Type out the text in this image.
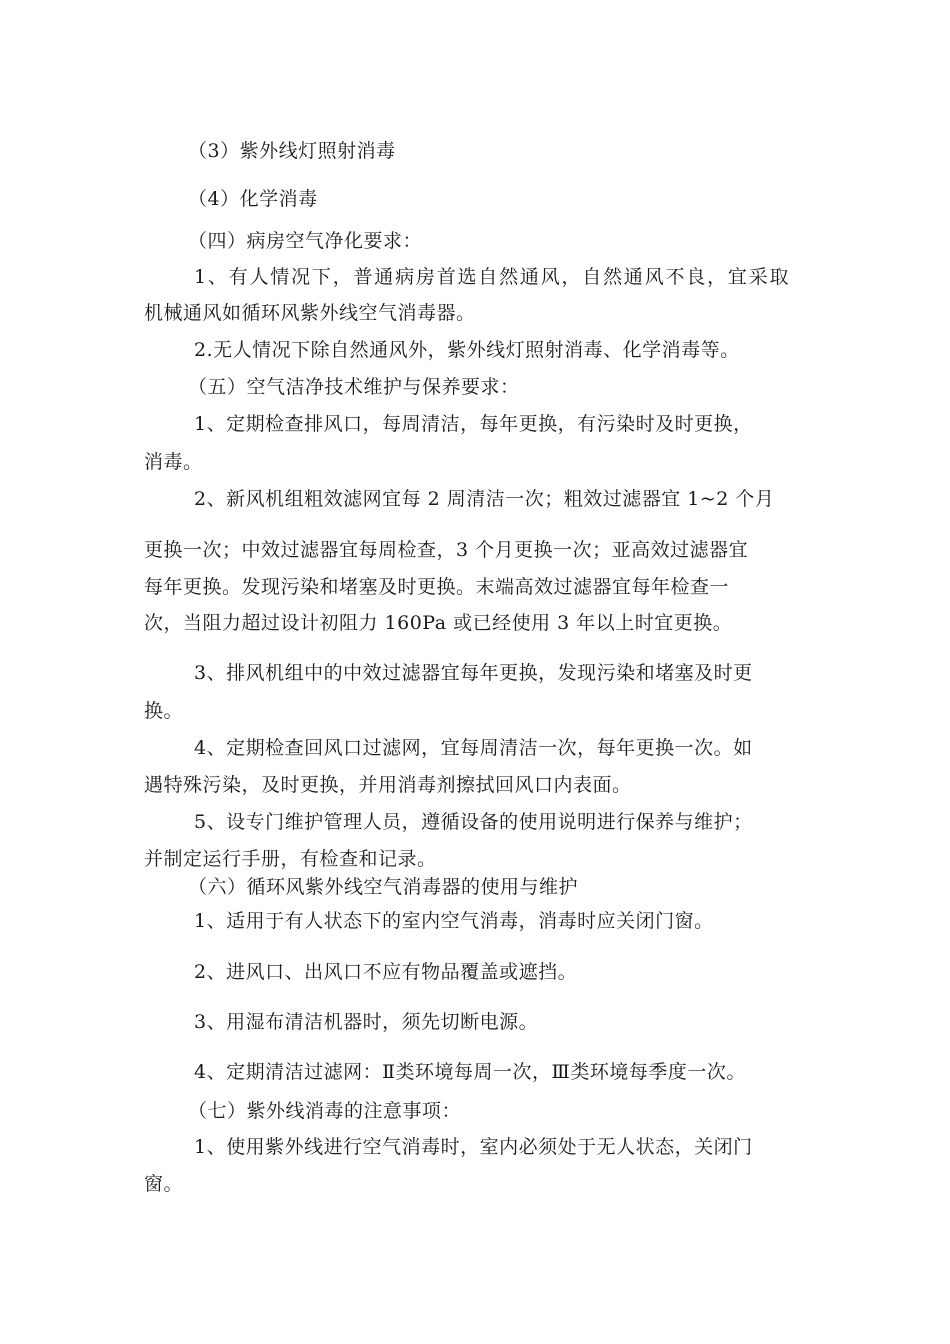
（3）紫外线灯照射消毒

（4）化学消毒

（四）病房空气净化要求：

1、有人情况下，普通病房首选自然通风，自然通风不良，宜采取

机械通风如循环风紫外线空气消毒器。

2.无人情况下除自然通风外，紫外线灯照射消毒、化学消毒等。

（五）空气洁净技术维护与保养要求：

1、定期检查排风口，每周清洁，每年更换，有污染时及时更换，

消毒。

2、新风机组粗效滤网宜每 2 周清洁一次；粗效过滤器宜 1~2 个月

更换一次；中效过滤器宜每周检查，3 个月更换一次；亚高效过滤器宜

每年更换。发现污染和堵塞及时更换。末端高效过滤器宜每年检查一

次，当阻力超过设计初阻力 160Pa 或已经使用 3 年以上时宜更换。

3、排风机组中的中效过滤器宜每年更换，发现污染和堵塞及时更

换。

4、定期检查回风口过滤网，宜每周清洁一次，每年更换一次。如

遇特殊污染，及时更换，并用消毒剂擦拭回风口内表面。

5、设专门维护管理人员，遵循设备的使用说明进行保养与维护；

并制定运行手册，有检查和记录。

（六）循环风紫外线空气消毒器的使用与维护

1、适用于有人状态下的室内空气消毒，消毒时应关闭门窗。

2、进风口、出风口不应有物品覆盖或遮挡。

3、用湿布清洁机器时，须先切断电源。

4、定期清洁过滤网：Ⅱ类环境每周一次，Ⅲ类环境每季度一次。

（七）紫外线消毒的注意事项：

1、使用紫外线进行空气消毒时，室内必须处于无人状态，关闭门

窗。
